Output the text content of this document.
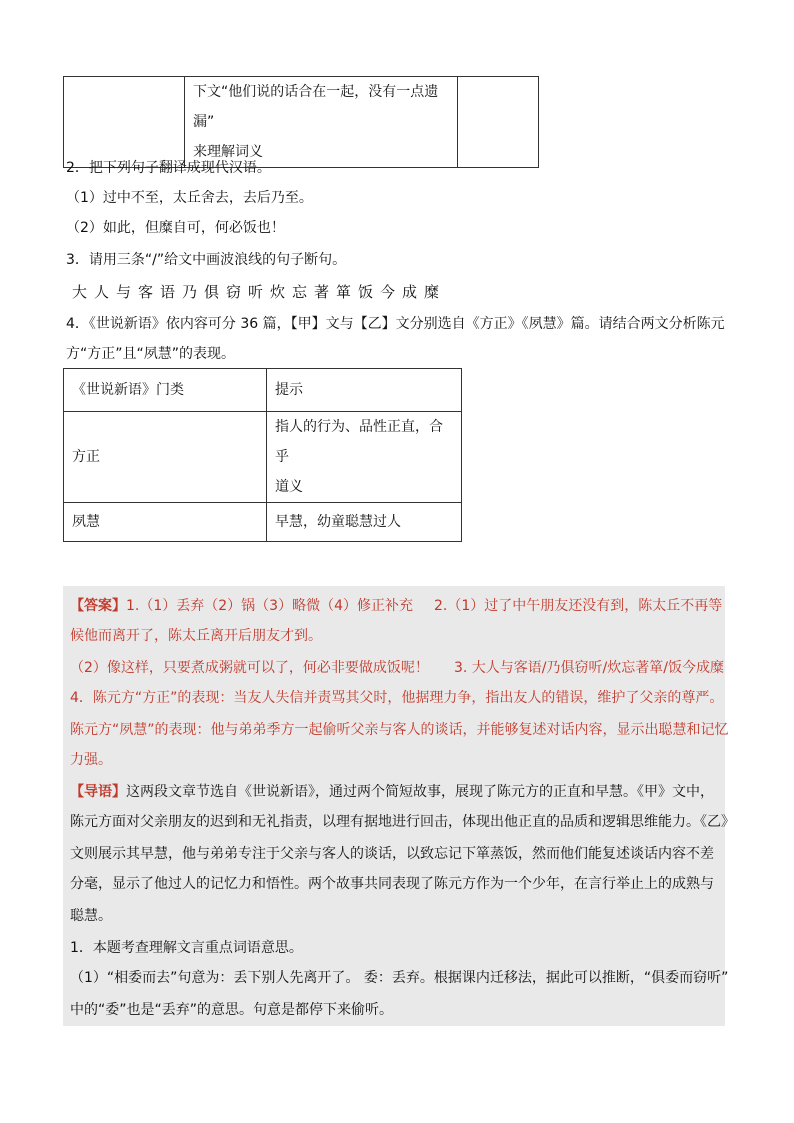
下文“他们说的话合在一起，没有一点遗漏”
来理解词义

2．把下列句子翻译成现代汉语。
（1）过中不至，太丘舍去，去后乃至。
（2）如此，但糜自可，何必饭也！
3．请用三条“/”给文中画波浪线的句子断句。
大人与客语乃俱窃听炊忘著箪饭今成糜
4．《世说新语》依内容可分 36 篇，【甲】文与【乙】文分别选自《方正》《夙慧》篇。请结合两文分析陈元
方“方正”且“夙慧”的表现。
《世说新语》门类	提示
方正	指人的行为、品性正直，合乎
道义

夙慧	早慧，幼童聪慧过人
【答案】1.（1）丢弃（2）锅（3）略微（4）修正补充 2.（1）过了中午朋友还没有到，陈太丘不再等
候他而离开了，陈太丘离开后朋友才到。
（2）像这样，只要煮成粥就可以了，何必非要做成饭呢！ 3. 大人与客语/乃俱窃听/炊忘著箪/饭今成糜
4．陈元方“方正”的表现：当友人失信并责骂其父时，他据理力争，指出友人的错误，维护了父亲的尊严。
陈元方“夙慧”的表现：他与弟弟季方一起偷听父亲与客人的谈话，并能够复述对话内容，显示出聪慧和记忆
力强。
【导语】这两段文章节选自《世说新语》，通过两个简短故事，展现了陈元方的正直和早慧。《甲》文中，
陈元方面对父亲朋友的迟到和无礼指责，以理有据地进行回击，体现出他正直的品质和逻辑思维能力。《乙》
文则展示其早慧，他与弟弟专注于父亲与客人的谈话，以致忘记下箪蒸饭，然而他们能复述谈话内容不差
分毫，显示了他过人的记忆力和悟性。两个故事共同表现了陈元方作为一个少年，在言行举止上的成熟与
聪慧。
1．本题考查理解文言重点词语意思。
（1）“相委而去”句意为：丢下别人先离开了。 委：丢弃。根据课内迁移法，据此可以推断，“俱委而窃听”
中的“委”也是“丢弃”的意思。句意是都停下来偷听。
